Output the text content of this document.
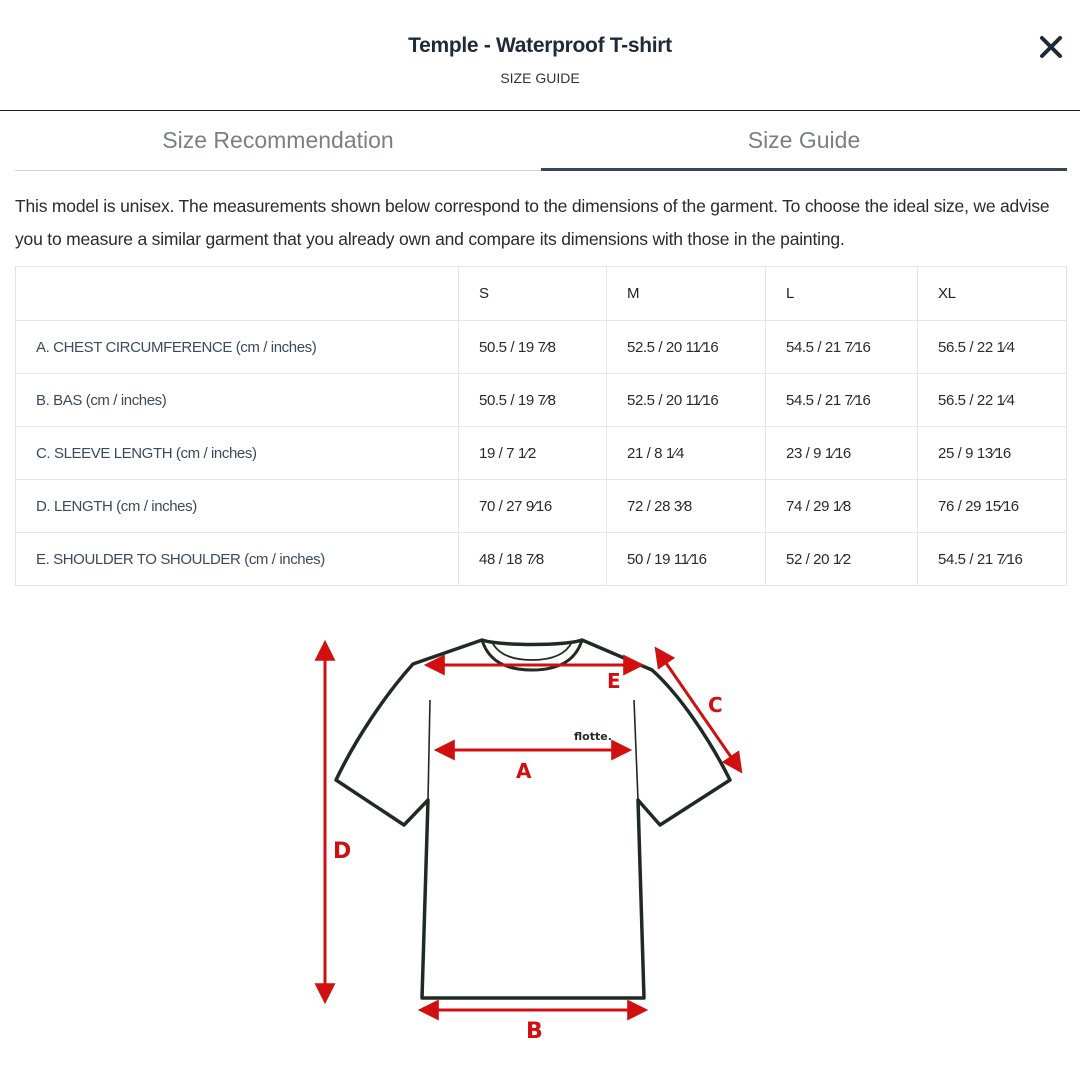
Temple - Waterproof T-shirt
SIZE GUIDE
Size Recommendation	Size Guide
This model is unisex. The measurements shown below correspond to the dimensions of the garment. To choose the ideal size, we advise you to measure a similar garment that you already own and compare its dimensions with those in the painting.
	S	M	L	XL
A. CHEST CIRCUMFERENCE (cm / inches)	50.5 / 19 7⁄8	52.5 / 20 11⁄16	54.5 / 21 7⁄16	56.5 / 22 1⁄4
B. BAS (cm / inches)	50.5 / 19 7⁄8	52.5 / 20 11⁄16	54.5 / 21 7⁄16	56.5 / 22 1⁄4
C. SLEEVE LENGTH (cm / inches)	19 / 7 1⁄2	21 / 8 1⁄4	23 / 9 1⁄16	25 / 9 13⁄16
D. LENGTH (cm / inches)	70 / 27 9⁄16	72 / 28 3⁄8	74 / 29 1⁄8	76 / 29 15⁄16
E. SHOULDER TO SHOULDER (cm / inches)	48 / 18 7⁄8	50 / 19 11⁄16	52 / 20 1⁄2	54.5 / 21 7⁄16
flotte.
E
C
A
D
B
